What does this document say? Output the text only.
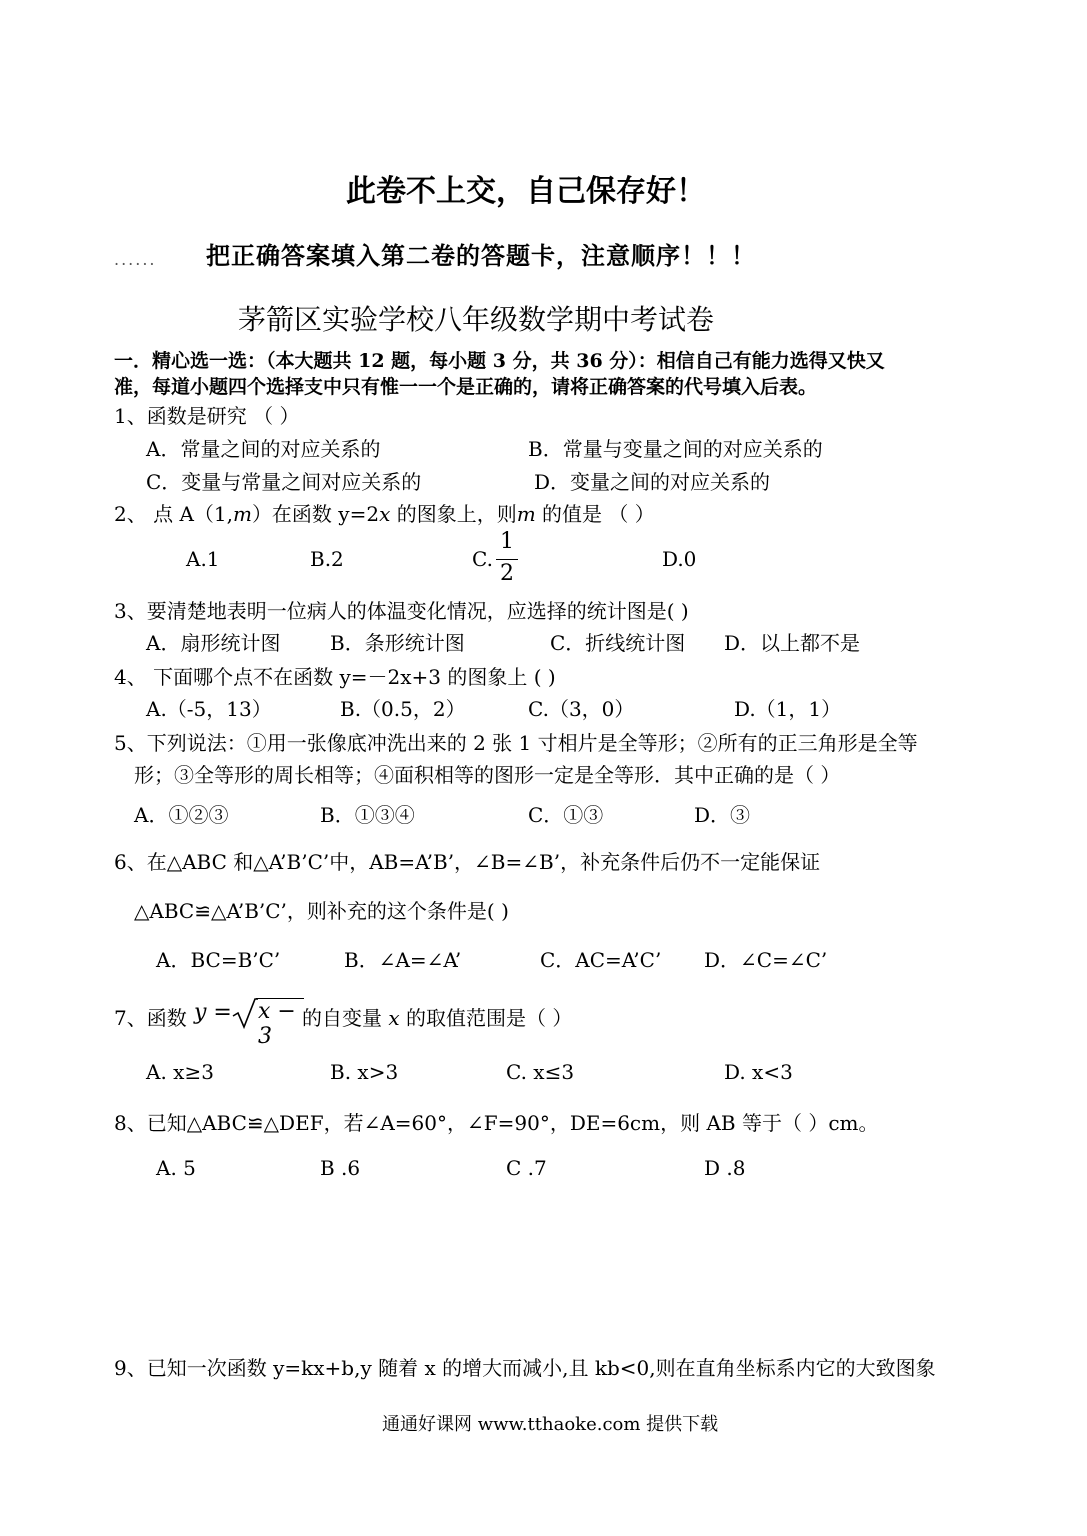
此卷不上交，自己保存好！
...... 把正确答案填入第二卷的答题卡，注意顺序！！！
茅箭区实验学校八年级数学期中考试卷
一．精心选一选：（本大题共 12 题，每小题 3 分，共 36 分）：相信自己有能力选得又快又
准，每道小题四个选择支中只有惟一一个是正确的，请将正确答案的代号填入后表。
1、函数是研究 （ ）
A．常量之间的对应关系的	B．常量与变量之间的对应关系的
C．变量与常量之间对应关系的	D．变量之间的对应关系的
2、 点 A（1,m）在函数 y=2x 的图象上，则m 的值是 （ ）
A.1	B.2	C.
1
2
D.0
3、要清楚地表明一位病人的体温变化情况，应选择的统计图是( )
A．扇形统计图 B．条形统计图	C．折线统计图 D．以上都不是
4、 下面哪个点不在函数 y=－2x+3 的图象上 ( )
A.（-5，13）	B.（0.5，2）	C.（3，0）	D.（1，1）
5、下列说法：①用一张像底冲洗出来的 2 张 1 寸相片是全等形；②所有的正三角形是全等
形；③全等形的周长相等；④面积相等的图形一定是全等形．其中正确的是（ ）
A．①②③	B．①③④	C．①③	D．③
6、在△ABC 和△A’B’C’中，AB=A’B’，∠B=∠B’，补充条件后仍不一定能保证
△ABC≌△A’B’C’，则补充的这个条件是( )
A．BC=B’C’	B．∠A=∠A’	C．AC=A’C’ D．∠C=∠C’
7、函数 y = x − 3
的自变量 x 的取值范围是（ ）
A. x≥3	B. x>3	C. x≤3	D. x<3
8、已知△ABC≌△DEF，若∠A=60°，∠F=90°，DE=6cm，则 AB 等于（ ）cm。
A. 5	B .6	C .7	D .8
9、已知一次函数 y=kx+b,y 随着 x 的增大而减小,且 kb<0,则在直角坐标系内它的大致图象
通通好课网 www.tthaoke.com 提供下载
